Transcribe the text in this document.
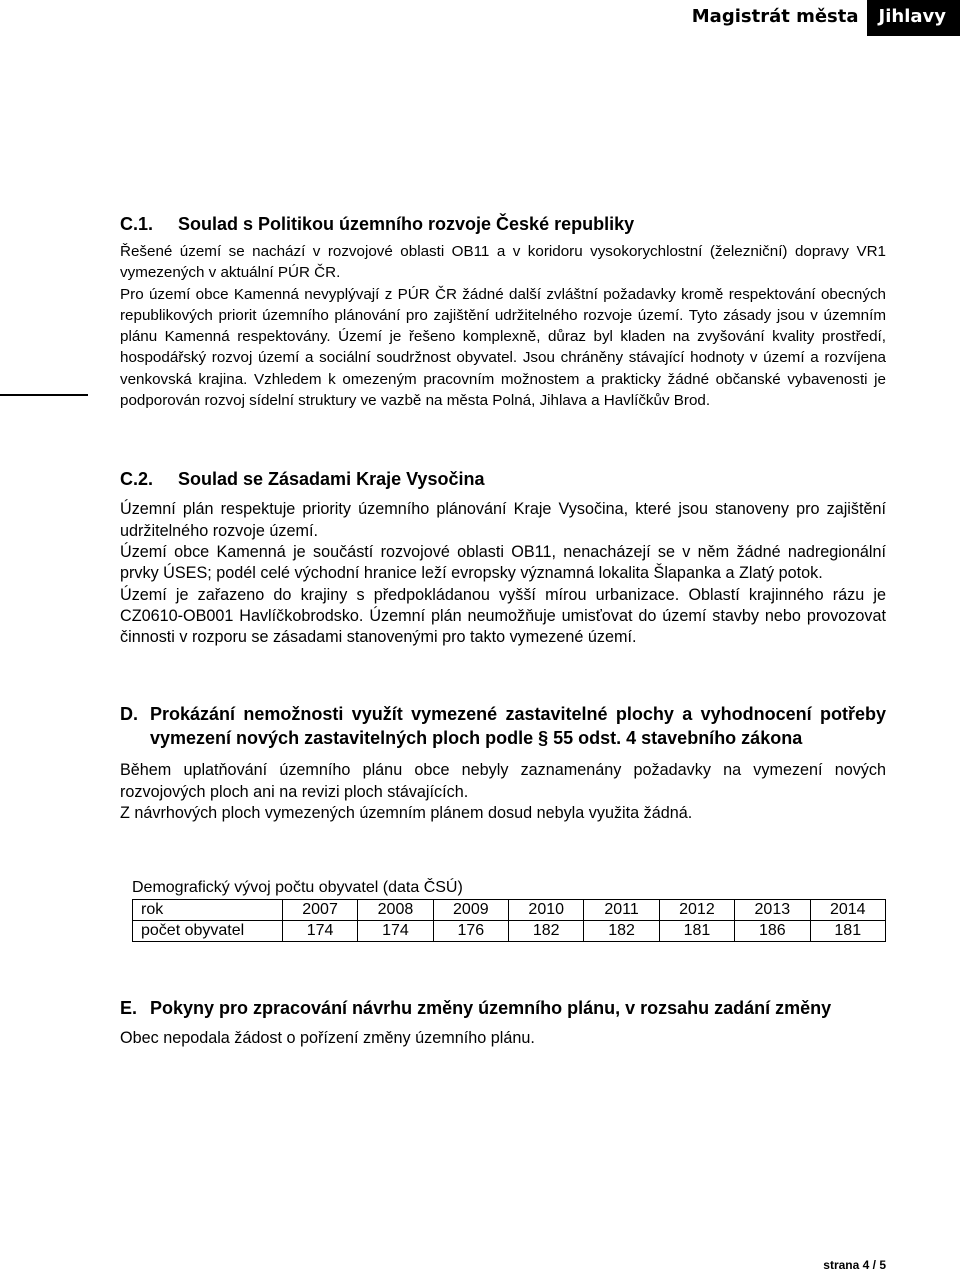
Magistrát města	Jihlavy
C.1.	Soulad s Politikou územního rozvoje České republiky

Řešené území se nachází v rozvojové oblasti OB11 a v koridoru vysokorychlostní (železniční) dopravy VR1 vymezených v aktuální PÚR ČR.

Pro území obce Kamenná nevyplývají z PÚR ČR žádné další zvláštní požadavky kromě respektování obecných republikových priorit územního plánování pro zajištění udržitelného rozvoje území. Tyto zásady jsou v územním plánu Kamenná respektovány. Území je řešeno komplexně, důraz byl kladen na zvyšování kvality prostředí, hospodářský rozvoj území a sociální soudržnost obyvatel. Jsou chráněny stávající hodnoty v území a rozvíjena venkovská krajina. Vzhledem k omezeným pracovním možnostem a prakticky žádné občanské vybavenosti je podporován rozvoj sídelní struktury ve vazbě na města Polná, Jihlava a Havlíčkův Brod.

C.2.	Soulad se Zásadami Kraje Vysočina

Územní plán respektuje priority územního plánování Kraje Vysočina, které jsou stanoveny pro zajištění udržitelného rozvoje území.

Území obce Kamenná je součástí rozvojové oblasti OB11, nenacházejí se v něm žádné nadregionální prvky ÚSES; podél celé východní hranice leží evropsky významná lokalita Šlapanka a Zlatý potok.

Území je zařazeno do krajiny s předpokládanou vyšší mírou urbanizace. Oblastí krajinného rázu je CZ0610-OB001 Havlíčkobrodsko. Územní plán neumožňuje umisťovat do území stavby nebo provozovat činnosti v rozporu se zásadami stanovenými pro takto vymezené území.

D. Prokázání nemožnosti využít vymezené zastavitelné plochy a vyhodnocení potřeby vymezení nových zastavitelných ploch podle § 55 odst. 4 stavebního zákona

Během uplatňování územního plánu obce nebyly zaznamenány požadavky na vymezení nových rozvojových ploch ani na revizi ploch stávajících.

Z návrhových ploch vymezených územním plánem dosud nebyla využita žádná.

Demografický vývoj počtu obyvatel (data ČSÚ)
rok	2007	2008	2009	2010	2011	2012	2013	2014
počet obyvatel	174	174	176	182	182	181	186	181
E. Pokyny pro zpracování návrhu změny územního plánu, v rozsahu zadání změny

Obec nepodala žádost o pořízení změny územního plánu.

strana 4 / 5
